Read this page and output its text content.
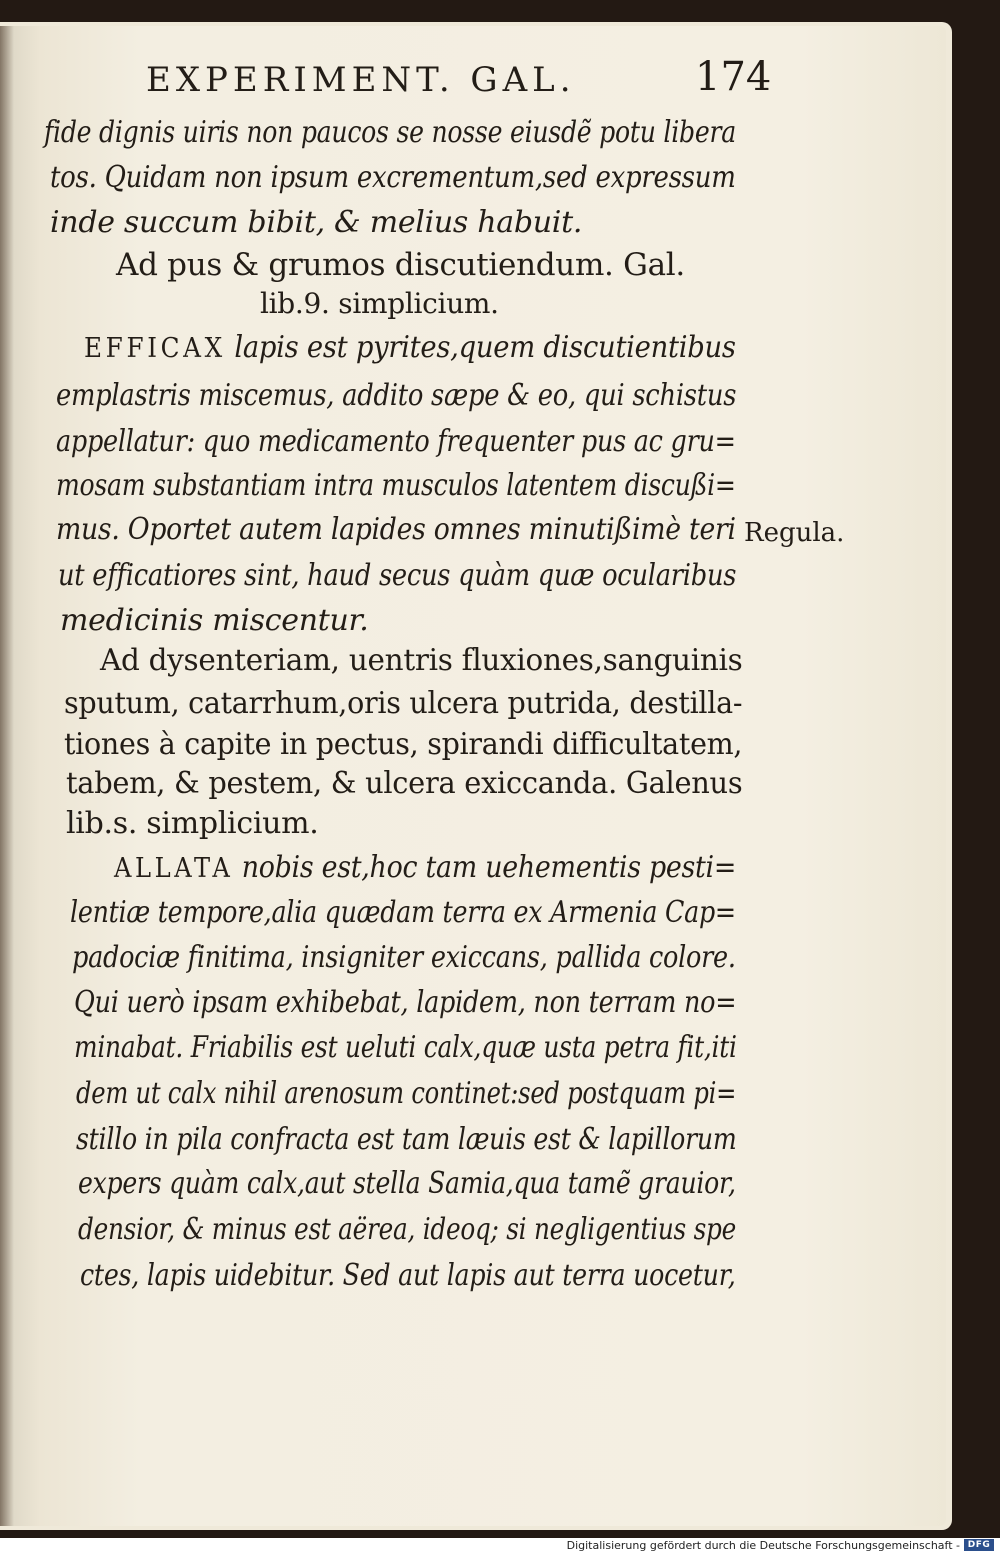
EXPERIMENT. GAL.	174
fide dignis uiris non paucos se nosse eiusdẽ potu libera
tos. Quidam non ipsum excrementum,sed expressum
inde succum bibit, & melius habuit.
Ad pus & grumos discutiendum. Gal.
lib.9. simplicium.
EFFICAX lapis est pyrites,quem discutientibus
emplastris miscemus, addito sæpe & eo, qui schistus
appellatur: quo medicamento frequenter pus ac gru=
mosam substantiam intra musculos latentem discußi=
mus. Oportet autem lapides omnes minutißimè teri
ut efficatiores sint, haud secus quàm quæ ocularibus
medicinis miscentur.
Ad dysenteriam, uentris fluxiones,sanguinis
sputum, catarrhum,oris ulcera putrida, destilla-
tiones à capite in pectus, spirandi difficultatem,
tabem, & pestem, & ulcera exiccanda. Galenus
lib.s. simplicium.
ALLATA nobis est,hoc tam uehementis pesti=
lentiæ tempore,alia quædam terra ex Armenia Cap=
padociæ finitima, insigniter exiccans, pallida colore.
Qui uerò ipsam exhibebat, lapidem, non terram no=
minabat. Friabilis est ueluti calx,quæ usta petra fit,iti
dem ut calx nihil arenosum continet:sed postquam pi=
stillo in pila confracta est tam læuis est & lapillorum
expers quàm calx,aut stella Samia,qua tamẽ grauior,
densior, & minus est aërea, ideoq; si negligentius spe
ctes, lapis uidebitur. Sed aut lapis aut terra uocetur,
Regula.
Digitalisierung gefördert durch die Deutsche Forschungsgemeinschaft - DFG
